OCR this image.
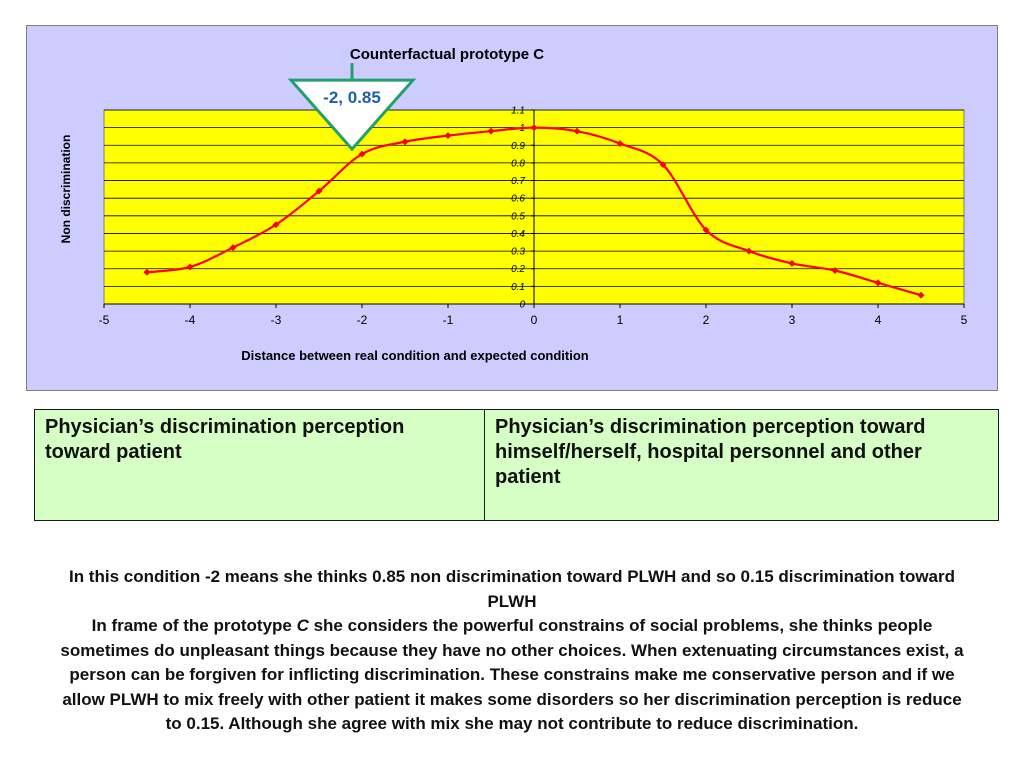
Counterfactual prototype C
Non discrimination
Distance between real condition and expected condition
0
0.1
0.2
0.3
0.4
0.5
0.6
0.7
0.8
0.9
1
1.1
-5	-4	-3	-2	-1	0	1	2	3	4	5
-2, 0.85
Physician’s discrimination perception toward patient	Physician’s discrimination perception toward himself/herself, hospital personnel and other patient

In this condition -2 means she thinks 0.85 non discrimination toward PLWH and so 0.15 discrimination toward PLWH

In frame of the prototype C she considers the powerful constrains of social problems, she thinks people sometimes do unpleasant things because they have no other choices. When extenuating circumstances exist, a person can be forgiven for inflicting discrimination. These constrains make me conservative person and if we allow PLWH to mix freely with other patient it makes some disorders so her discrimination perception is reduce to 0.15. Although she agree with mix she may not contribute to reduce discrimination.
